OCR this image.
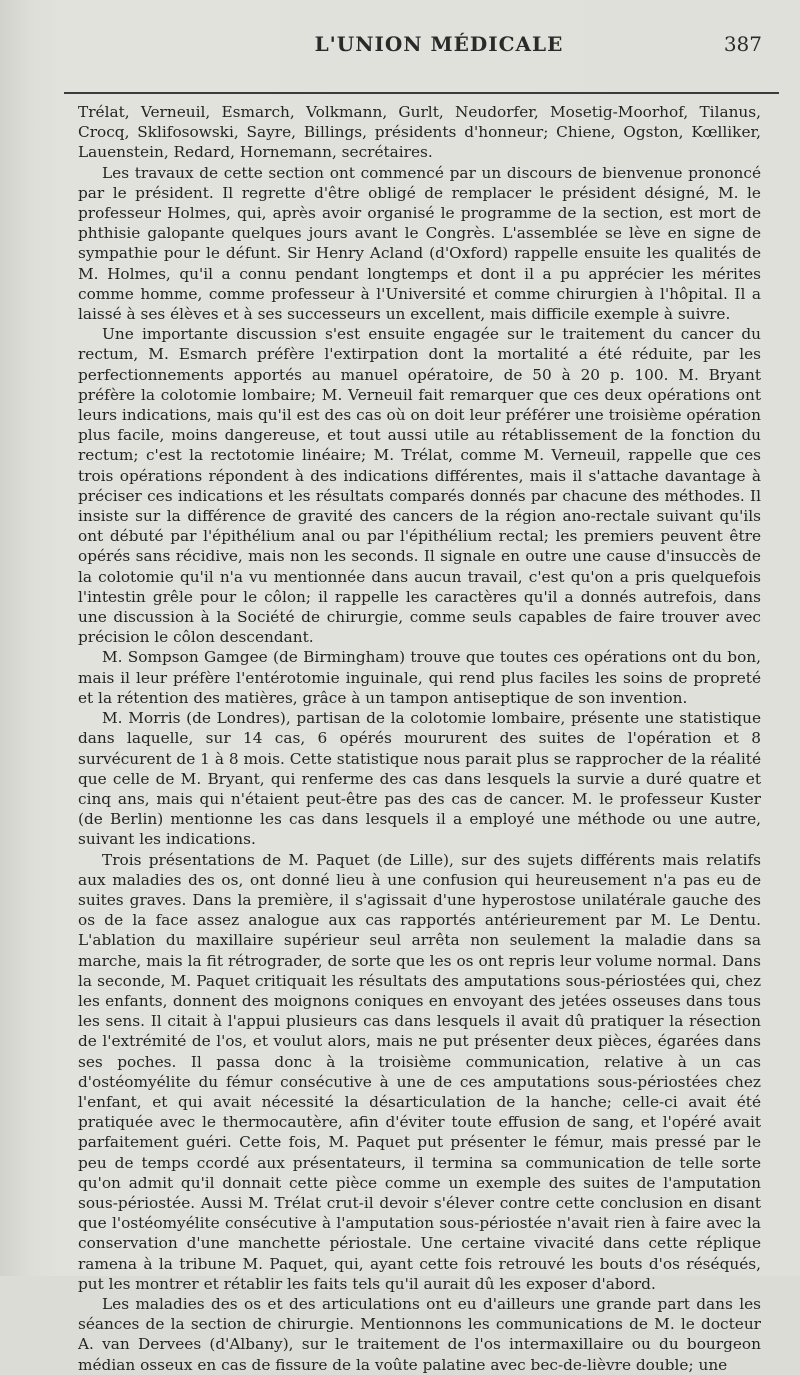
L'UNION MÉDICALE	387

Trélat, Verneuil, Esmarch, Volkmann, Gurlt, Neudorfer, Mosetig-Moorhof, Tilanus, Crocq, Sklifosowski, Sayre, Billings, présidents d'honneur; Chiene, Ogston, Kœlliker, Lauenstein, Redard, Hornemann, secrétaires.

Les travaux de cette section ont commencé par un discours de bienvenue prononcé par le président. Il regrette d'être obligé de remplacer le président désigné, M. le professeur Holmes, qui, après avoir organisé le programme de la section, est mort de phthisie galopante quelques jours avant le Congrès. L'assemblée se lève en signe de sympathie pour le défunt. Sir Henry Acland (d'Oxford) rappelle ensuite les qualités de M. Holmes, qu'il a connu pendant longtemps et dont il a pu apprécier les mérites comme homme, comme professeur à l'Université et comme chirurgien à l'hôpital. Il a laissé à ses élèves et à ses successeurs un excellent, mais difficile exemple à suivre.

Une importante discussion s'est ensuite engagée sur le traitement du cancer du rectum, M. Esmarch préfère l'extirpation dont la mortalité a été réduite, par les perfectionnements apportés au manuel opératoire, de 50 à 20 p. 100. M. Bryant préfère la colotomie lombaire; M. Verneuil fait remarquer que ces deux opérations ont leurs indications, mais qu'il est des cas où on doit leur préférer une troisième opération plus facile, moins dangereuse, et tout aussi utile au rétablissement de la fonction du rectum; c'est la rectotomie linéaire; M. Trélat, comme M. Verneuil, rappelle que ces trois opérations répondent à des indications différentes, mais il s'attache davantage à préciser ces indications et les résultats comparés donnés par chacune des méthodes. Il insiste sur la différence de gravité des cancers de la région ano-rectale suivant qu'ils ont débuté par l'épithélium anal ou par l'épithélium rectal; les premiers peuvent être opérés sans récidive, mais non les seconds. Il signale en outre une cause d'insuccès de la colotomie qu'il n'a vu mentionnée dans aucun travail, c'est qu'on a pris quelquefois l'intestin grêle pour le côlon; il rappelle les caractères qu'il a donnés autrefois, dans une discussion à la Société de chirurgie, comme seuls capables de faire trouver avec précision le côlon descendant.

M. Sompson Gamgee (de Birmingham) trouve que toutes ces opérations ont du bon, mais il leur préfère l'entérotomie inguinale, qui rend plus faciles les soins de propreté et la rétention des matières, grâce à un tampon antiseptique de son invention.

M. Morris (de Londres), partisan de la colotomie lombaire, présente une statistique dans laquelle, sur 14 cas, 6 opérés moururent des suites de l'opération et 8 survécurent de 1 à 8 mois. Cette statistique nous parait plus se rapprocher de la réalité que celle de M. Bryant, qui renferme des cas dans lesquels la survie a duré quatre et cinq ans, mais qui n'étaient peut-être pas des cas de cancer. M. le professeur Kuster (de Berlin) mentionne les cas dans lesquels il a employé une méthode ou une autre, suivant les indications.

Trois présentations de M. Paquet (de Lille), sur des sujets différents mais relatifs aux maladies des os, ont donné lieu à une confusion qui heureusement n'a pas eu de suites graves. Dans la première, il s'agissait d'une hyperostose unilatérale gauche des os de la face assez analogue aux cas rapportés antérieurement par M. Le Dentu. L'ablation du maxillaire supérieur seul arrêta non seulement la maladie dans sa marche, mais la fit rétrograder, de sorte que les os ont repris leur volume normal. Dans la seconde, M. Paquet critiquait les résultats des amputations sous-périostées qui, chez les enfants, donnent des moignons coniques en envoyant des jetées osseuses dans tous les sens. Il citait à l'appui plusieurs cas dans lesquels il avait dû pratiquer la résection de l'extrémité de l'os, et voulut alors, mais ne put présenter deux pièces, égarées dans ses poches. Il passa donc à la troisième communication, relative à un cas d'ostéomyélite du fémur consécutive à une de ces amputations sous-périostées chez l'enfant, et qui avait nécessité la désarticulation de la hanche; celle-ci avait été pratiquée avec le thermocautère, afin d'éviter toute effusion de sang, et l'opéré avait parfaitement guéri. Cette fois, M. Paquet put présenter le fémur, mais pressé par le peu de temps ccordé aux présentateurs, il termina sa communication de telle sorte qu'on admit qu'il donnait cette pièce comme un exemple des suites de l'amputation sous-périostée. Aussi M. Trélat crut-il devoir s'élever contre cette conclusion en disant que l'ostéomyélite consécutive à l'amputation sous-périostée n'avait rien à faire avec la conservation d'une manchette périostale. Une certaine vivacité dans cette réplique ramena à la tribune M. Paquet, qui, ayant cette fois retrouvé les bouts d'os réséqués, put les montrer et rétablir les faits tels qu'il aurait dû les exposer d'abord.

Les maladies des os et des articulations ont eu d'ailleurs une grande part dans les séances de la section de chirurgie. Mentionnons les communications de M. le docteur A. van Dervees (d'Albany), sur le traitement de l'os intermaxillaire ou du bourgeon médian osseux en cas de fissure de la voûte palatine avec bec-de-lièvre double; une
